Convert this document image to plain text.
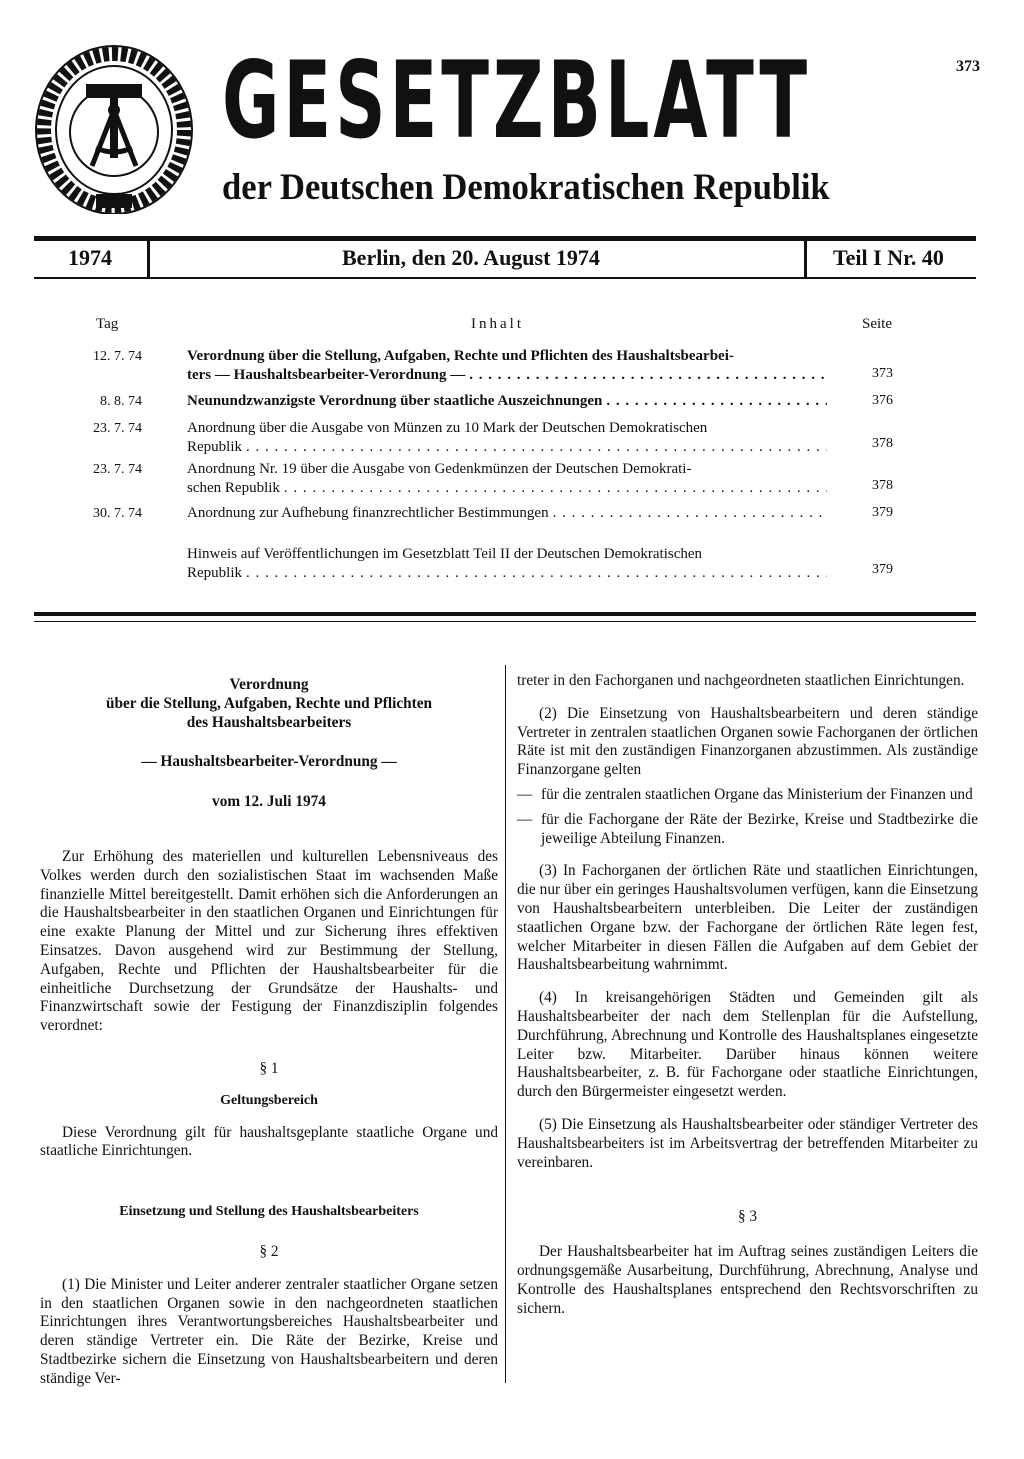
373
GESETZBLATT
der Deutschen Demokratischen Republik
1974	Berlin, den 20. August 1974	Teil I Nr. 40
Tag	Inhalt	Seite
12. 7. 74	Verordnung über die Stellung, Aufgaben, Rechte und Pflichten des Haushaltsbearbei-
ters — Haushaltsbearbeiter-Verordnung — . . .	373
8. 8. 74	Neunundzwanzigste Verordnung über staatliche Auszeichnungen . . .	376
23. 7. 74	Anordnung über die Ausgabe von Münzen zu 10 Mark der Deutschen Demokratischen
Republik . . .	378
23. 7. 74	Anordnung Nr. 19 über die Ausgabe von Gedenkmünzen der Deutschen Demokrati-
schen Republik . . .	378
30. 7. 74	Anordnung zur Aufhebung finanzrechtlicher Bestimmungen . . .	379
Hinweis auf Veröffentlichungen im Gesetzblatt Teil II der Deutschen Demokratischen
Republik . . .	379

Verordnung

über die Stellung, Aufgaben, Rechte und Pflichten

des Haushaltsbearbeiters

— Haushaltsbearbeiter-Verordnung —

vom 12. Juli 1974

Zur Erhöhung des materiellen und kulturellen Lebensniveaus des Volkes werden durch den sozialistischen Staat im wachsenden Maße finanzielle Mittel bereitgestellt. Damit erhöhen sich die Anforderungen an die Haushaltsbearbeiter in den staatlichen Organen und Einrichtungen für eine exakte Planung der Mittel und zur Sicherung ihres effektiven Einsatzes. Davon ausgehend wird zur Bestimmung der Stellung, Aufgaben, Rechte und Pflichten der Haushaltsbearbeiter für die einheitliche Durchsetzung der Grundsätze der Haushalts- und Finanzwirtschaft sowie der Festigung der Finanzdisziplin folgendes verordnet:

§ 1

Geltungsbereich

Diese Verordnung gilt für haushaltsgeplante staatliche Organe und staatliche Einrichtungen.

Einsetzung und Stellung des Haushaltsbearbeiters

§ 2

(1) Die Minister und Leiter anderer zentraler staatlicher Organe setzen in den staatlichen Organen sowie in den nachgeordneten staatlichen Einrichtungen ihres Verantwortungsbereiches Haushaltsbearbeiter und deren ständige Vertreter ein. Die Räte der Bezirke, Kreise und Stadtbezirke sichern die Einsetzung von Haushaltsbearbeitern und deren ständige Ver-

treter in den Fachorganen und nachgeordneten staatlichen Einrichtungen.

(2) Die Einsetzung von Haushaltsbearbeitern und deren ständige Vertreter in zentralen staatlichen Organen sowie Fachorganen der örtlichen Räte ist mit den zuständigen Finanzorganen abzustimmen. Als zuständige Finanzorgane gelten

— für die zentralen staatlichen Organe das Ministerium der Finanzen und
— für die Fachorgane der Räte der Bezirke, Kreise und Stadtbezirke die jeweilige Abteilung Finanzen.

(3) In Fachorganen der örtlichen Räte und staatlichen Einrichtungen, die nur über ein geringes Haushaltsvolumen verfügen, kann die Einsetzung von Haushaltsbearbeitern unterbleiben. Die Leiter der zuständigen staatlichen Organe bzw. der Fachorgane der örtlichen Räte legen fest, welcher Mitarbeiter in diesen Fällen die Aufgaben auf dem Gebiet der Haushaltsbearbeitung wahrnimmt.

(4) In kreisangehörigen Städten und Gemeinden gilt als Haushaltsbearbeiter der nach dem Stellenplan für die Aufstellung, Durchführung, Abrechnung und Kontrolle des Haushaltsplanes eingesetzte Leiter bzw. Mitarbeiter. Darüber hinaus können weitere Haushaltsbearbeiter, z. B. für Fachorgane oder staatliche Einrichtungen, durch den Bürgermeister eingesetzt werden.

(5) Die Einsetzung als Haushaltsbearbeiter oder ständiger Vertreter des Haushaltsbearbeiters ist im Arbeitsvertrag der betreffenden Mitarbeiter zu vereinbaren.

§ 3

Der Haushaltsbearbeiter hat im Auftrag seines zuständigen Leiters die ordnungsgemäße Ausarbeitung, Durchführung, Abrechnung, Analyse und Kontrolle des Haushaltsplanes entsprechend den Rechtsvorschriften zu sichern.
